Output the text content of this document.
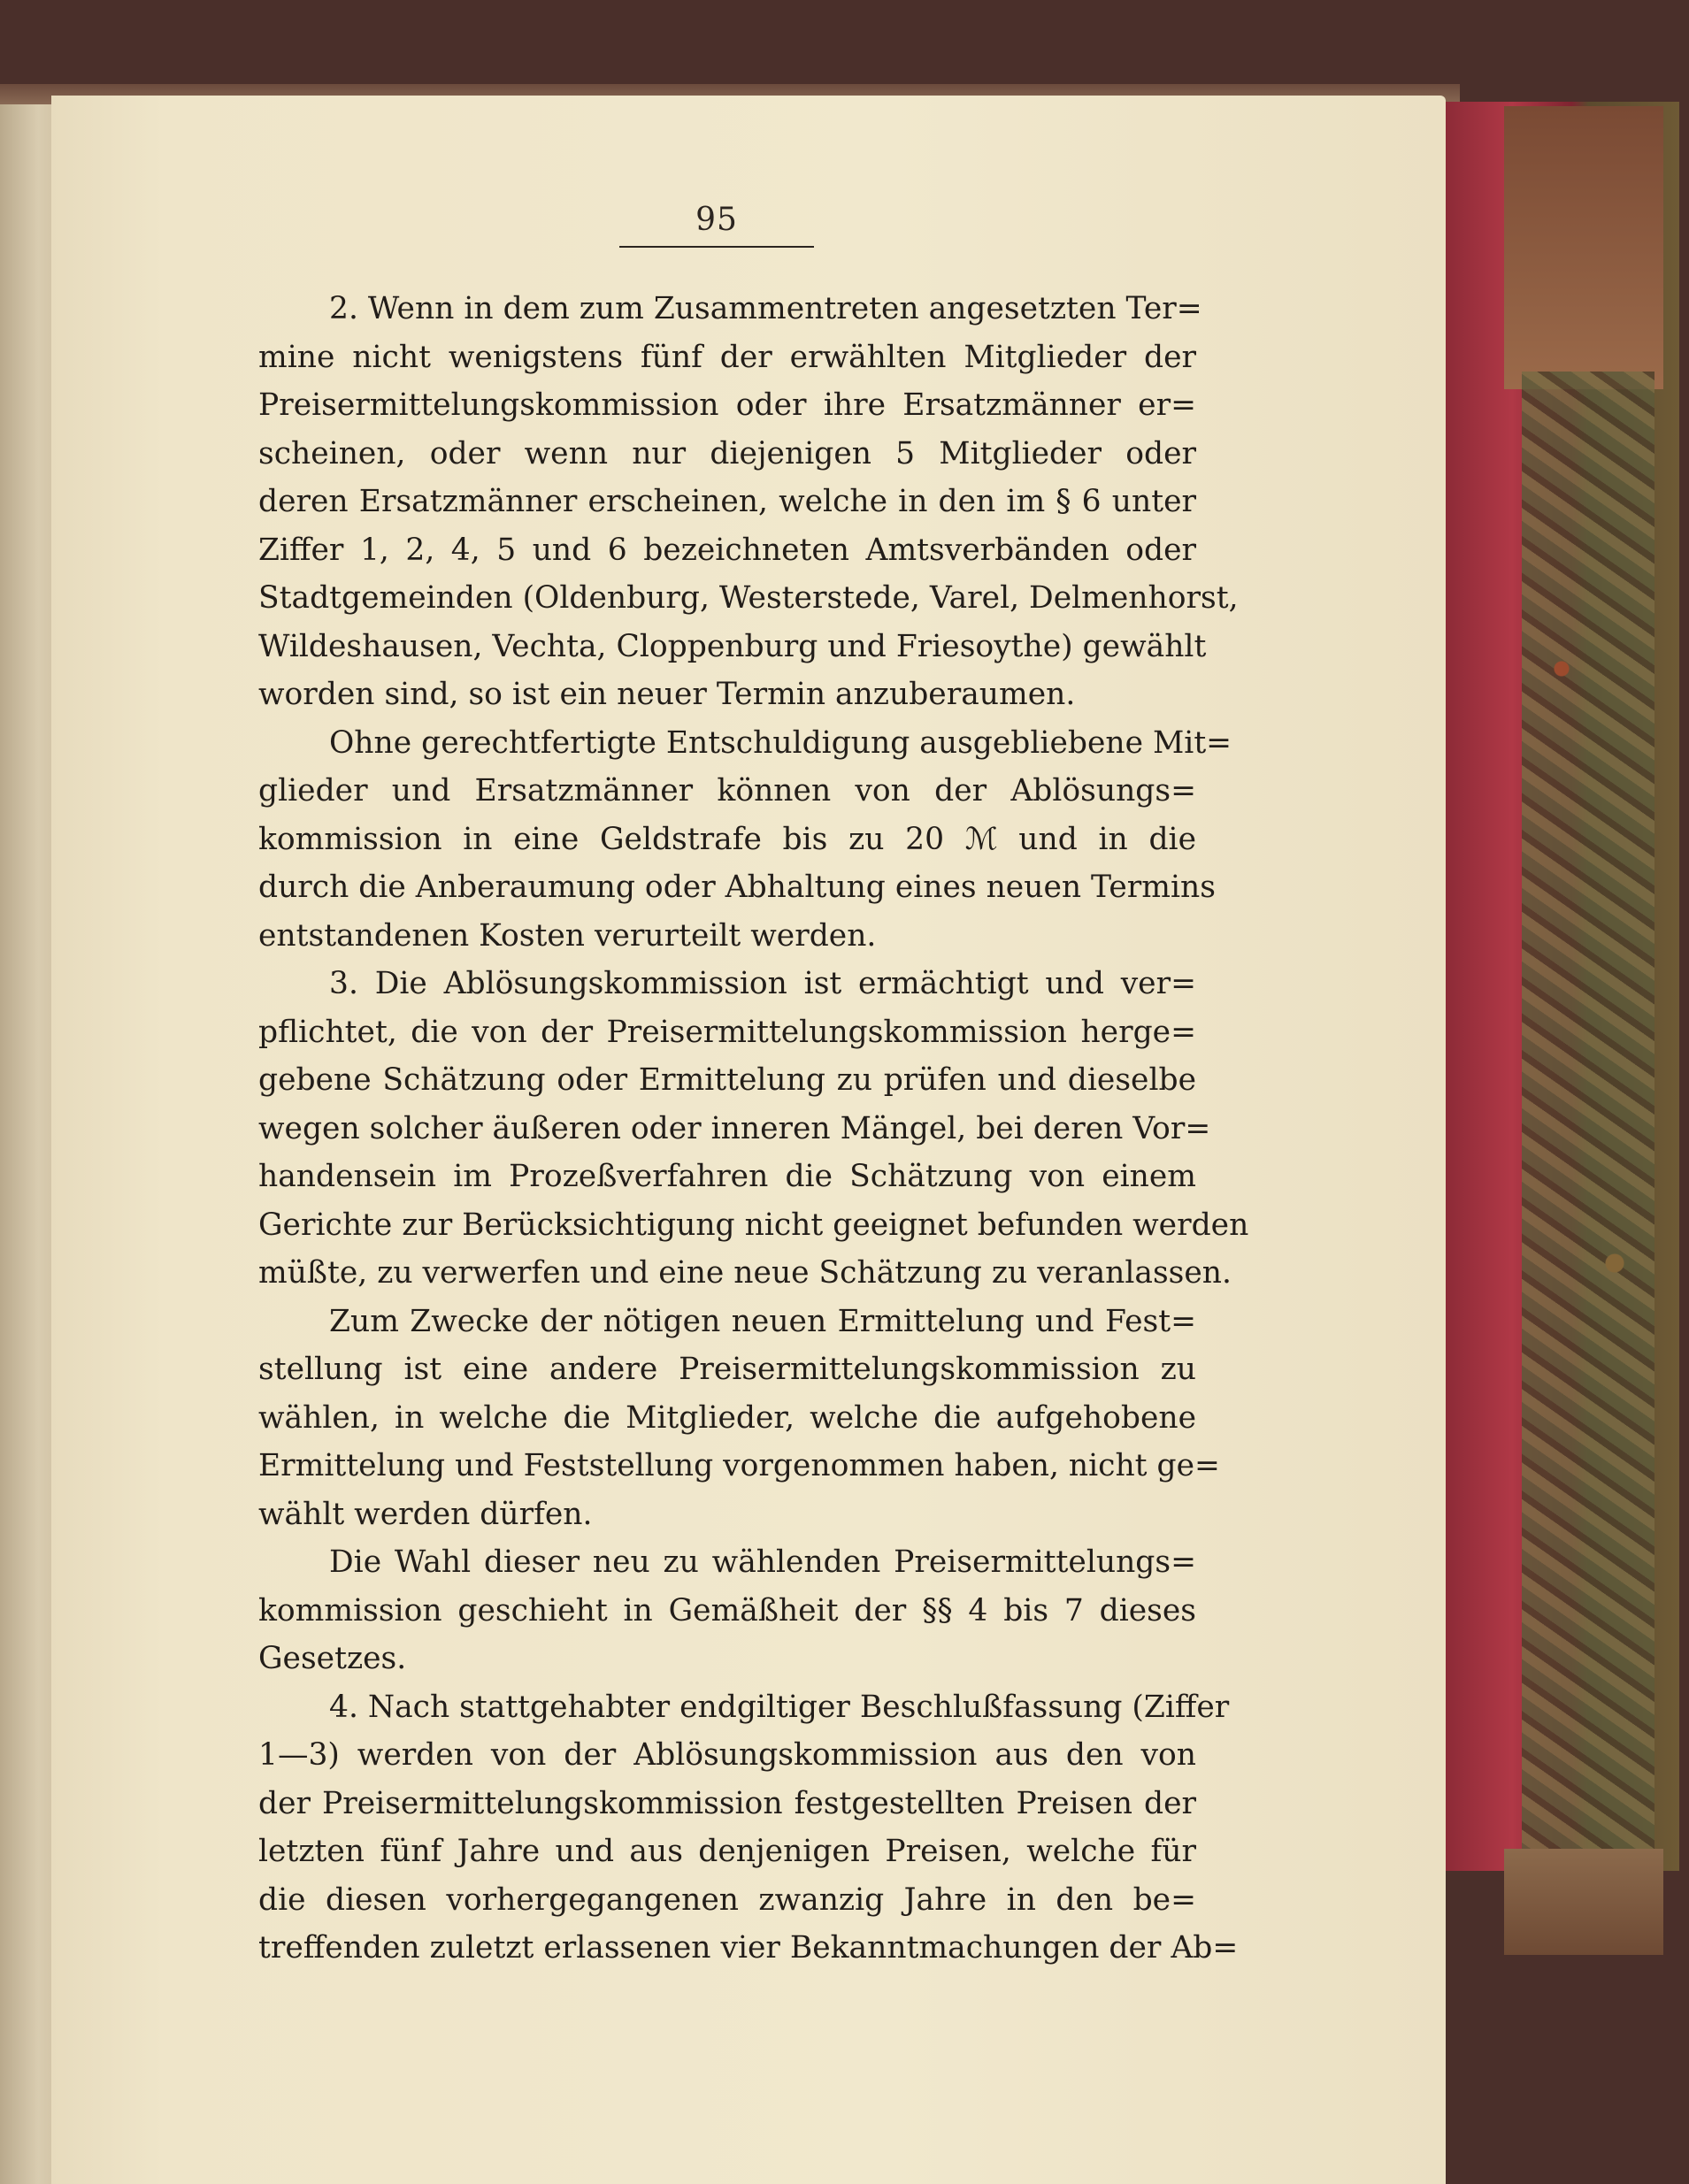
95
2. Wenn in dem zum Zusammentreten angesetzten Ter=
mine nicht wenigstens fünf der erwählten Mitglieder der
Preisermittelungskommission oder ihre Ersatzmänner er=
scheinen, oder wenn nur diejenigen 5 Mitglieder oder
deren Ersatzmänner erscheinen, welche in den im § 6 unter
Ziffer 1, 2, 4, 5 und 6 bezeichneten Amtsverbänden oder
Stadtgemeinden (Oldenburg, Westerstede, Varel, Delmenhorst,
Wildeshausen, Vechta, Cloppenburg und Friesoythe) gewählt
worden sind, so ist ein neuer Termin anzuberaumen.
Ohne gerechtfertigte Entschuldigung ausgebliebene Mit=
glieder und Ersatzmänner können von der Ablösungs=
kommission in eine Geldstrafe bis zu 20 ℳ und in die
durch die Anberaumung oder Abhaltung eines neuen Termins
entstandenen Kosten verurteilt werden.
3. Die Ablösungskommission ist ermächtigt und ver=
pflichtet, die von der Preisermittelungskommission herge=
gebene Schätzung oder Ermittelung zu prüfen und dieselbe
wegen solcher äußeren oder inneren Mängel, bei deren Vor=
handensein im Prozeßverfahren die Schätzung von einem
Gerichte zur Berücksichtigung nicht geeignet befunden werden
müßte, zu verwerfen und eine neue Schätzung zu veranlassen.
Zum Zwecke der nötigen neuen Ermittelung und Fest=
stellung ist eine andere Preisermittelungskommission zu
wählen, in welche die Mitglieder, welche die aufgehobene
Ermittelung und Feststellung vorgenommen haben, nicht ge=
wählt werden dürfen.
Die Wahl dieser neu zu wählenden Preisermittelungs=
kommission geschieht in Gemäßheit der §§ 4 bis 7 dieses
Gesetzes.
4. Nach stattgehabter endgiltiger Beschlußfassung (Ziffer
1—3) werden von der Ablösungskommission aus den von
der Preisermittelungskommission festgestellten Preisen der
letzten fünf Jahre und aus denjenigen Preisen, welche für
die diesen vorhergegangenen zwanzig Jahre in den be=
treffenden zuletzt erlassenen vier Bekanntmachungen der Ab=
